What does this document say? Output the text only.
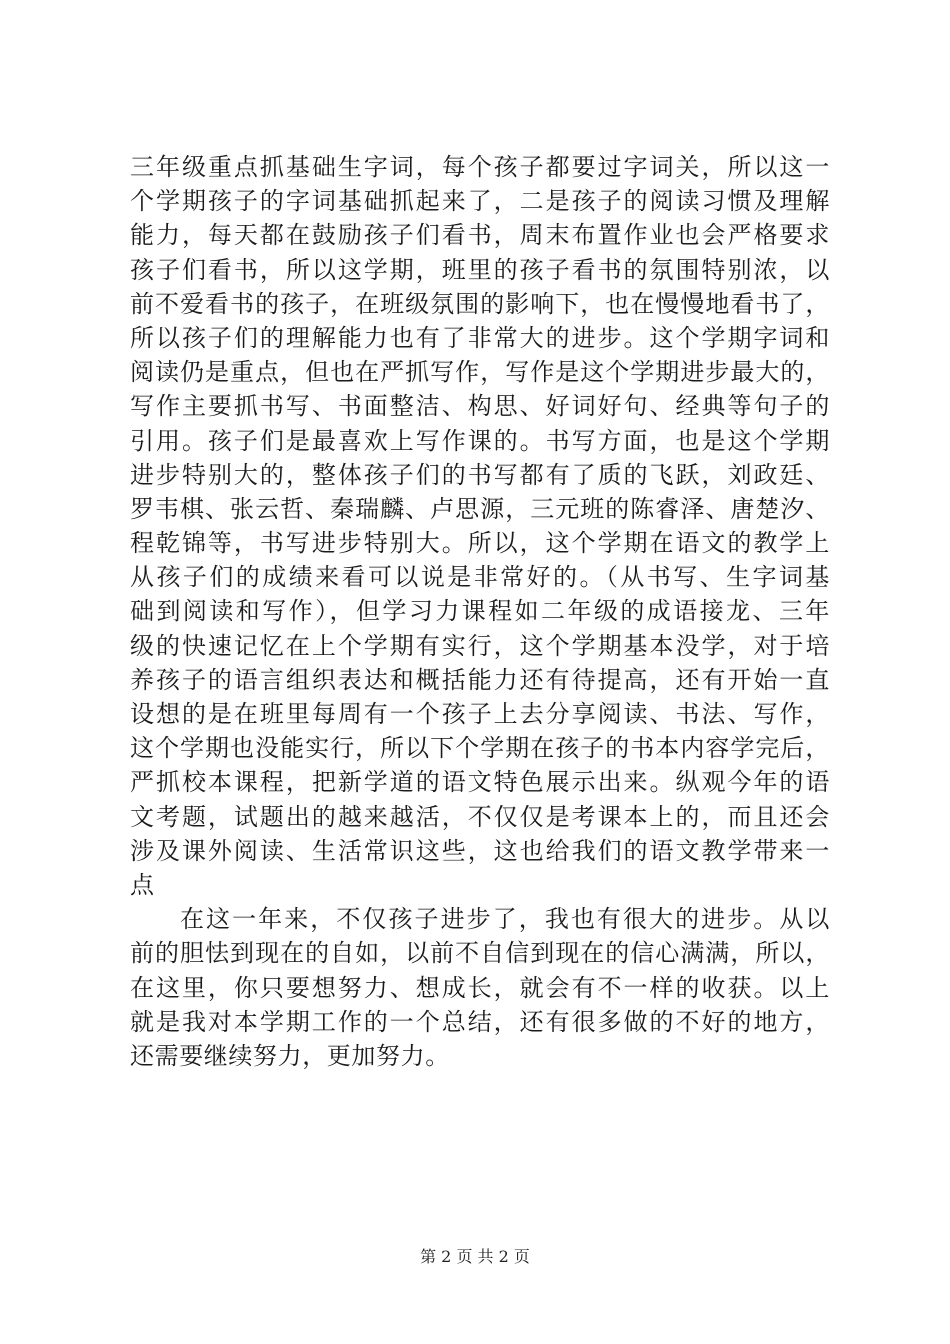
三年级重点抓基础生字词，每个孩子都要过字词关，所以这一
个学期孩子的字词基础抓起来了，二是孩子的阅读习惯及理解
能力，每天都在鼓励孩子们看书，周末布置作业也会严格要求
孩子们看书，所以这学期，班里的孩子看书的氛围特别浓，以
前不爱看书的孩子，在班级氛围的影响下，也在慢慢地看书了，
所以孩子们的理解能力也有了非常大的进步。这个学期字词和
阅读仍是重点，但也在严抓写作，写作是这个学期进步最大的，
写作主要抓书写、书面整洁、构思、好词好句、经典等句子的
引用。孩子们是最喜欢上写作课的。书写方面，也是这个学期
进步特别大的，整体孩子们的书写都有了质的飞跃，刘政廷、
罗韦棋、张云哲、秦瑞麟、卢思源，三元班的陈睿泽、唐楚汐、
程乾锦等，书写进步特别大。所以，这个学期在语文的教学上
从孩子们的成绩来看可以说是非常好的。（从书写、生字词基
础到阅读和写作），但学习力课程如二年级的成语接龙、三年
级的快速记忆在上个学期有实行，这个学期基本没学，对于培
养孩子的语言组织表达和概括能力还有待提高，还有开始一直
设想的是在班里每周有一个孩子上去分享阅读、书法、写作，
这个学期也没能实行，所以下个学期在孩子的书本内容学完后，
严抓校本课程，把新学道的语文特色展示出来。纵观今年的语
文考题，试题出的越来越活，不仅仅是考课本上的，而且还会
涉及课外阅读、生活常识这些，这也给我们的语文教学带来一
点
在这一年来，不仅孩子进步了，我也有很大的进步。从以
前的胆怯到现在的自如，以前不自信到现在的信心满满，所以，
在这里，你只要想努力、想成长，就会有不一样的收获。以上
就是我对本学期工作的一个总结，还有很多做的不好的地方，
还需要继续努力，更加努力。
第 2 页 共 2 页
